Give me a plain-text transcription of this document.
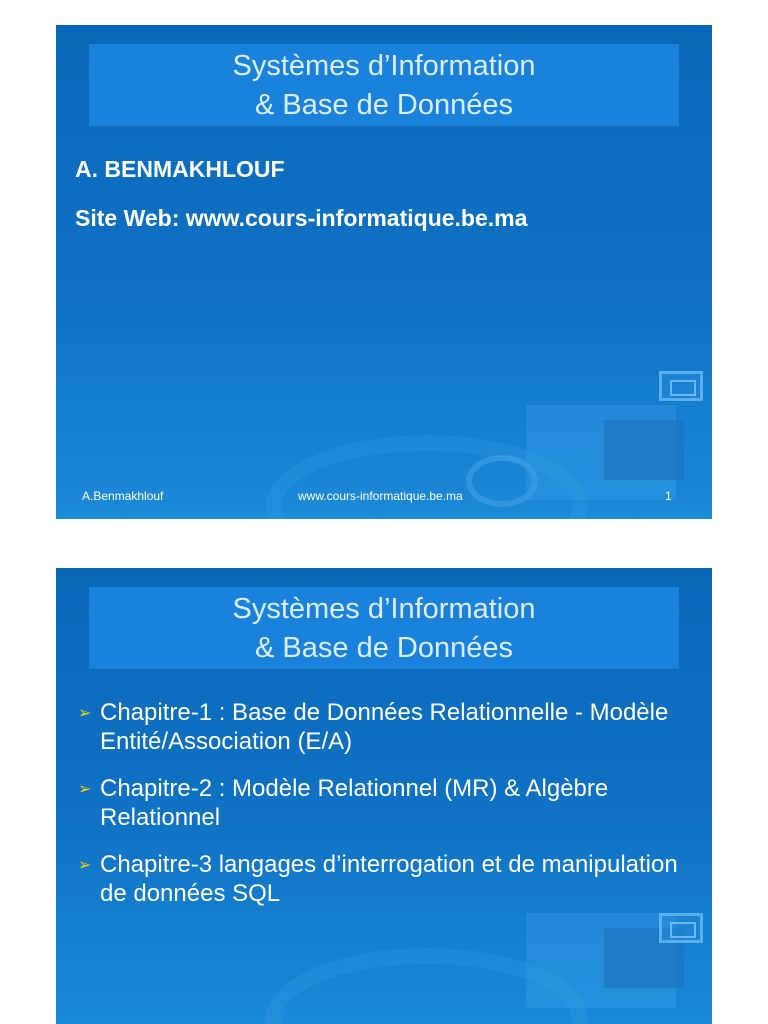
Systèmes d’Information
& Base de Données
A. BENMAKHLOUF
Site Web: www.cours-informatique.be.ma
A.Benmakhlouf	www.cours-informatique.be.ma	1
Systèmes d’Information
& Base de Données
➢ Chapitre-1 : Base de Données Relationnelle - Modèle Entité/Association (E/A)
➢ Chapitre-2 : Modèle Relationnel (MR) & Algèbre Relationnel
➢ Chapitre-3 langages d’interrogation et de manipulation de données SQL
